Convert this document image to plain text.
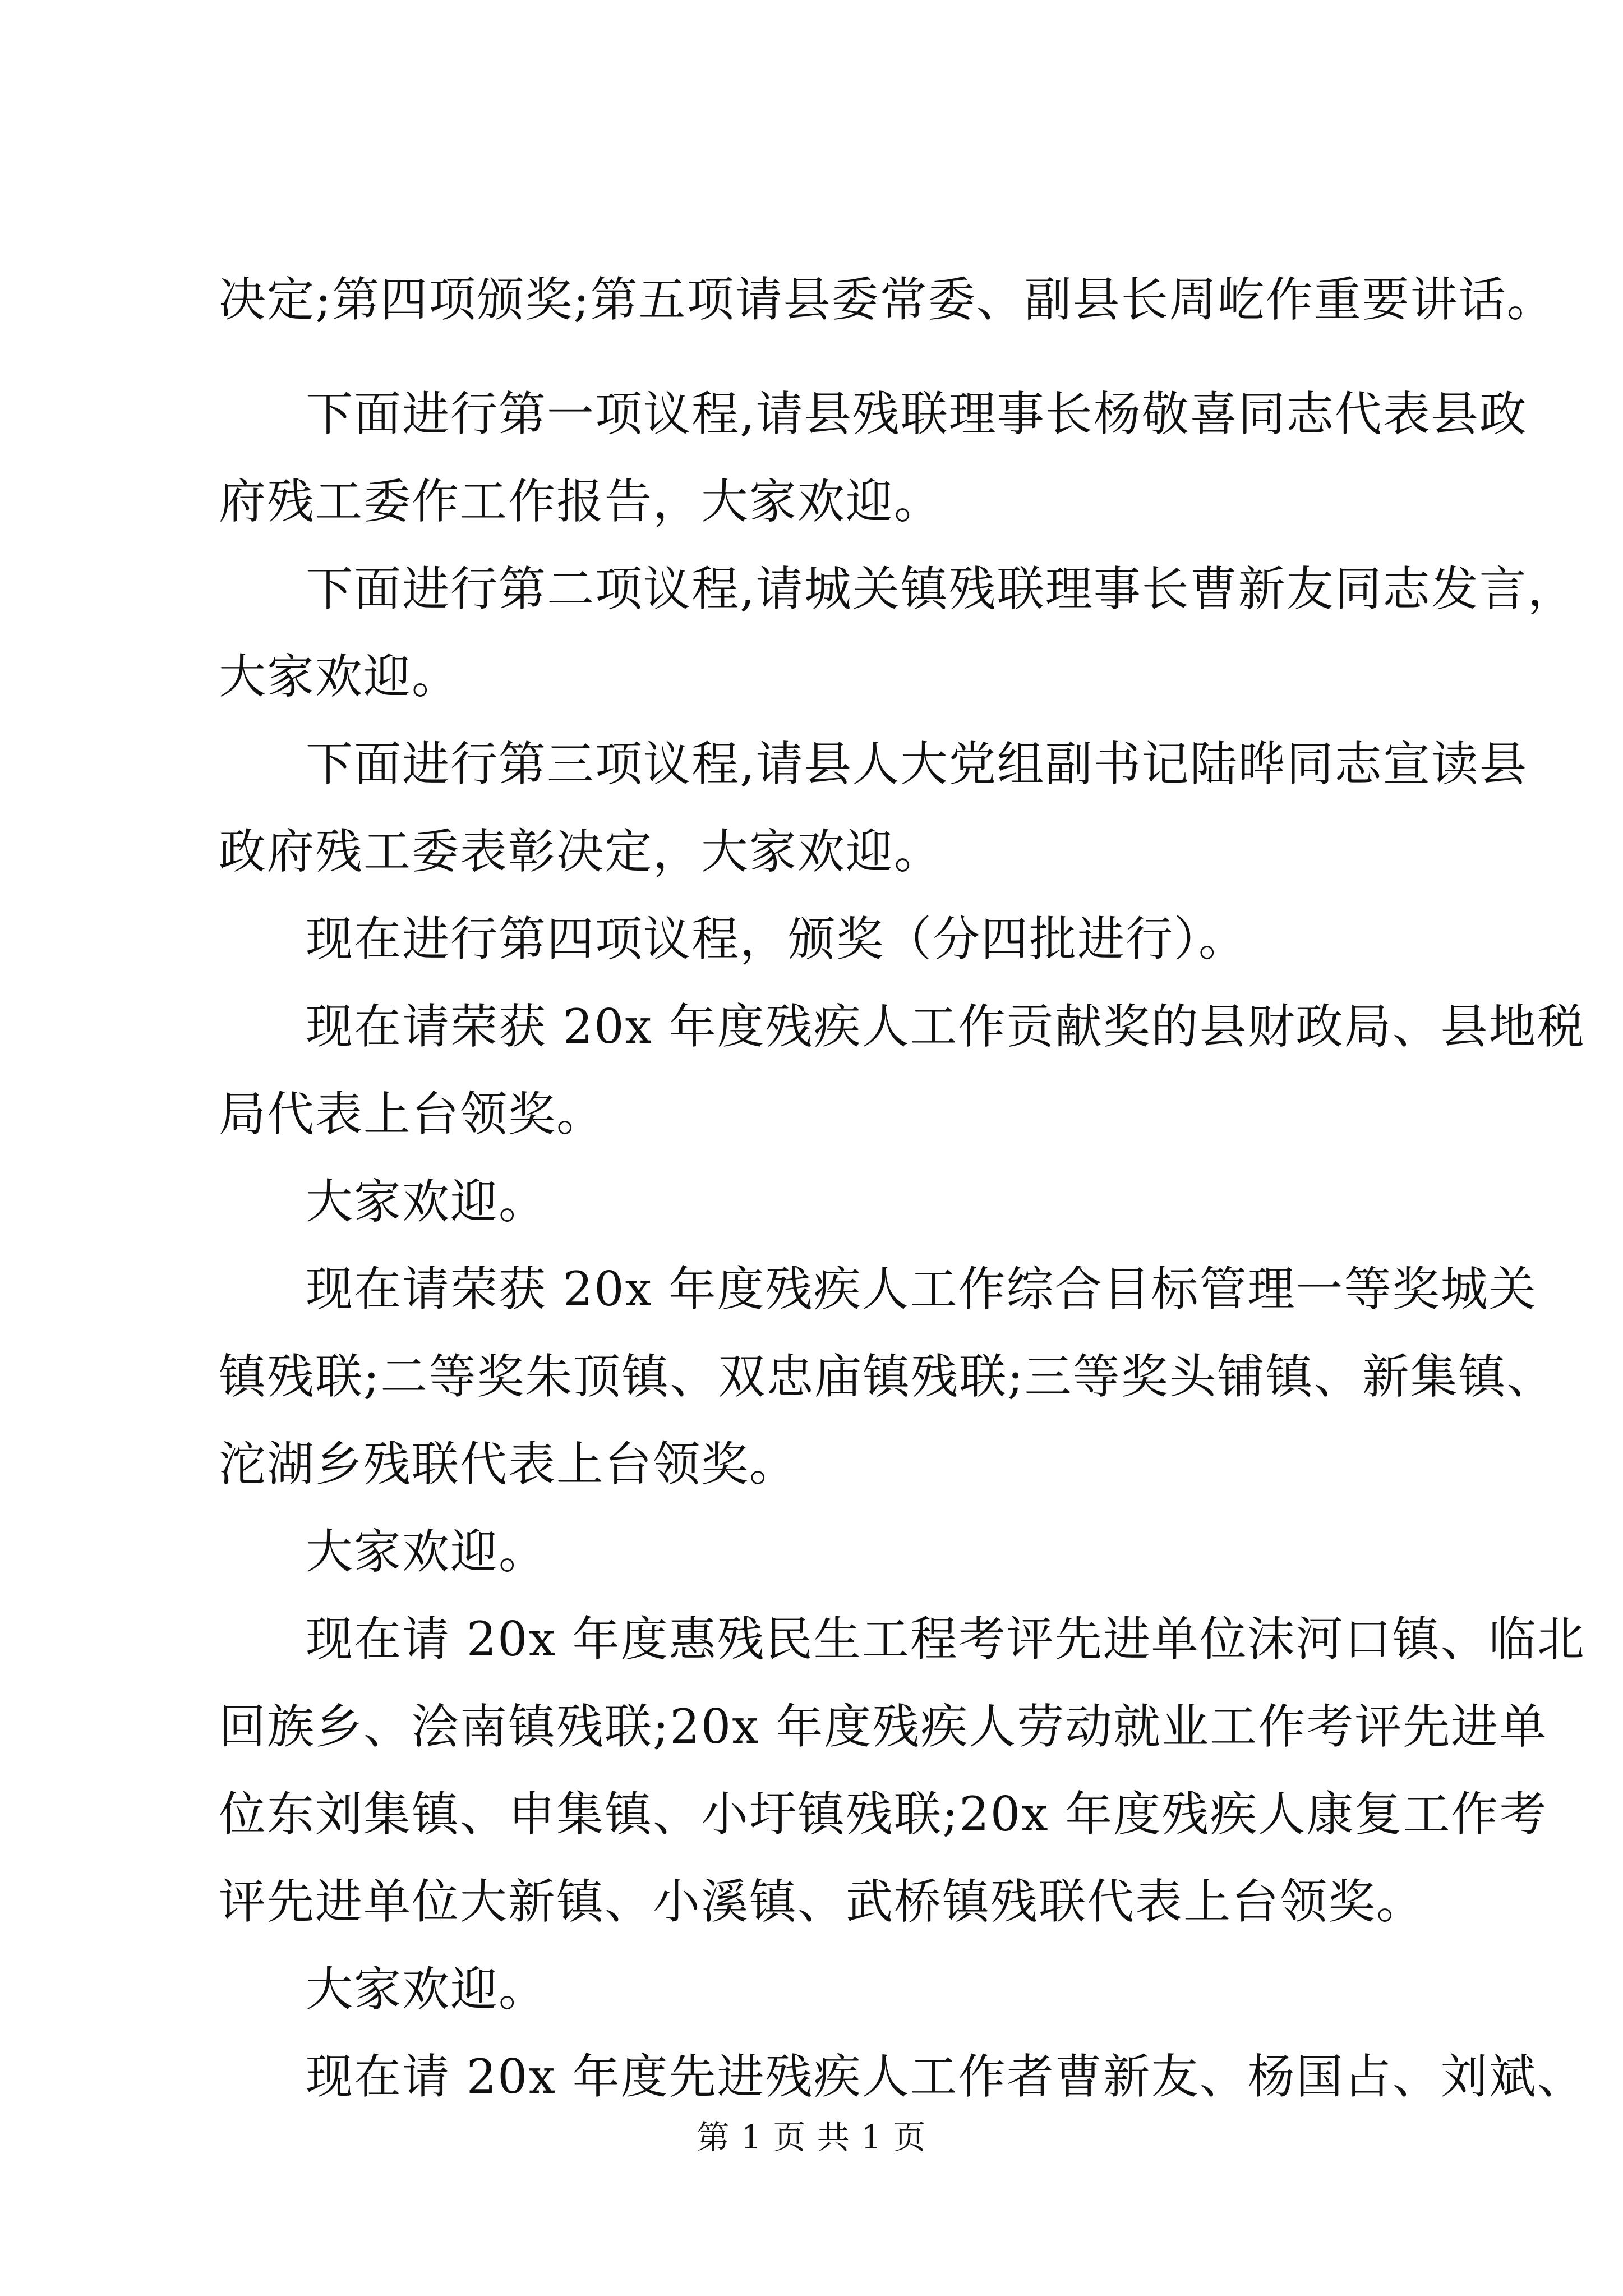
决定;第四项颁奖;第五项请县委常委、副县长周屹作重要讲话。
下面进行第一项议程,请县残联理事长杨敬喜同志代表县政
府残工委作工作报告，大家欢迎。
下面进行第二项议程,请城关镇残联理事长曹新友同志发言，
大家欢迎。
下面进行第三项议程,请县人大党组副书记陆晔同志宣读县
政府残工委表彰决定，大家欢迎。
现在进行第四项议程，颁奖（分四批进行）。
现在请荣获 20x 年度残疾人工作贡献奖的县财政局、县地税
局代表上台领奖。
大家欢迎。
现在请荣获 20x 年度残疾人工作综合目标管理一等奖城关
镇残联;二等奖朱顶镇、双忠庙镇残联;三等奖头铺镇、新集镇、
沱湖乡残联代表上台领奖。
大家欢迎。
现在请 20x 年度惠残民生工程考评先进单位沫河口镇、临北
回族乡、浍南镇残联;20x 年度残疾人劳动就业工作考评先进单
位东刘集镇、申集镇、小圩镇残联;20x 年度残疾人康复工作考
评先进单位大新镇、小溪镇、武桥镇残联代表上台领奖。
大家欢迎。
现在请 20x 年度先进残疾人工作者曹新友、杨国占、刘斌、
第 1 页 共 1 页
